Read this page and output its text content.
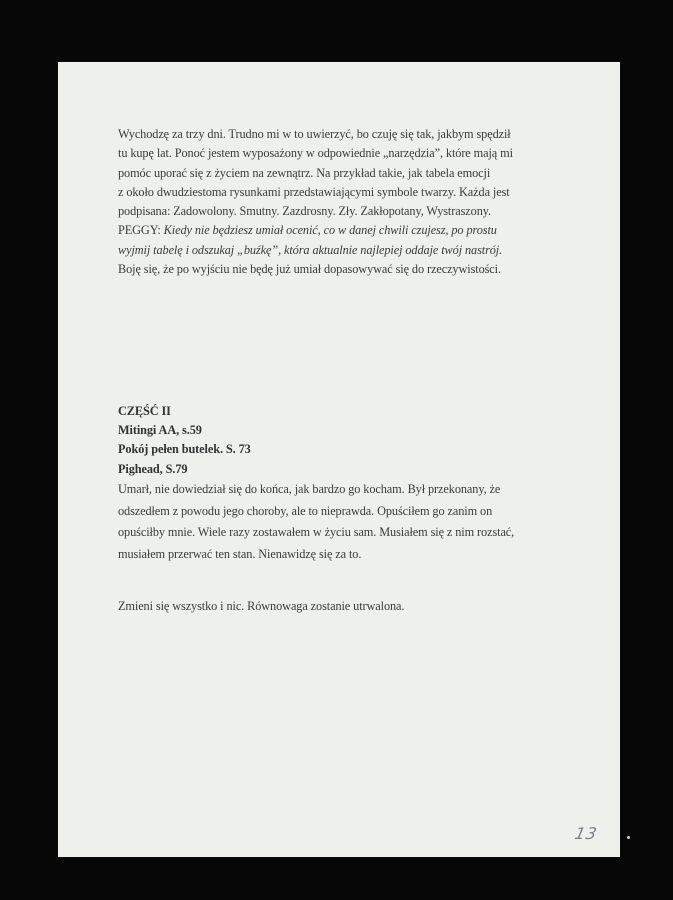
Wychodzę za trzy dni. Trudno mi w to uwierzyć, bo czuję się tak, jakbym spędził
tu kupę lat. Ponoć jestem wyposażony w odpowiednie „narzędzia”, które mają mi
pomóc uporać się z życiem na zewnątrz. Na przykład takie, jak tabela emocji
z około dwudziestoma rysunkami przedstawiającymi symbole twarzy. Każda jest
podpisana: Zadowolony. Smutny. Zazdrosny. Zły. Zakłopotany, Wystraszony.
PEGGY: Kiedy nie będziesz umiał ocenić, co w danej chwili czujesz, po prostu
wyjmij tabelę i odszukaj „buźkę”, która aktualnie najlepiej oddaje twój nastrój.
Boję się, że po wyjściu nie będę już umiał dopasowywać się do rzeczywistości.

CZĘŚĆ II
Mitingi AA, s.59
Pokój pełen butelek. S. 73
Pighead, S.79

Umarł, nie dowiedział się do końca, jak bardzo go kocham. Był przekonany, że
odszedłem z powodu jego choroby, ale to nieprawda. Opuściłem go zanim on
opuściłby mnie. Wiele razy zostawałem w życiu sam. Musiałem się z nim rozstać,
musiałem przerwać ten stan. Nienawidzę się za to.

Zmieni się wszystko i nic. Równowaga zostanie utrwalona.

13
